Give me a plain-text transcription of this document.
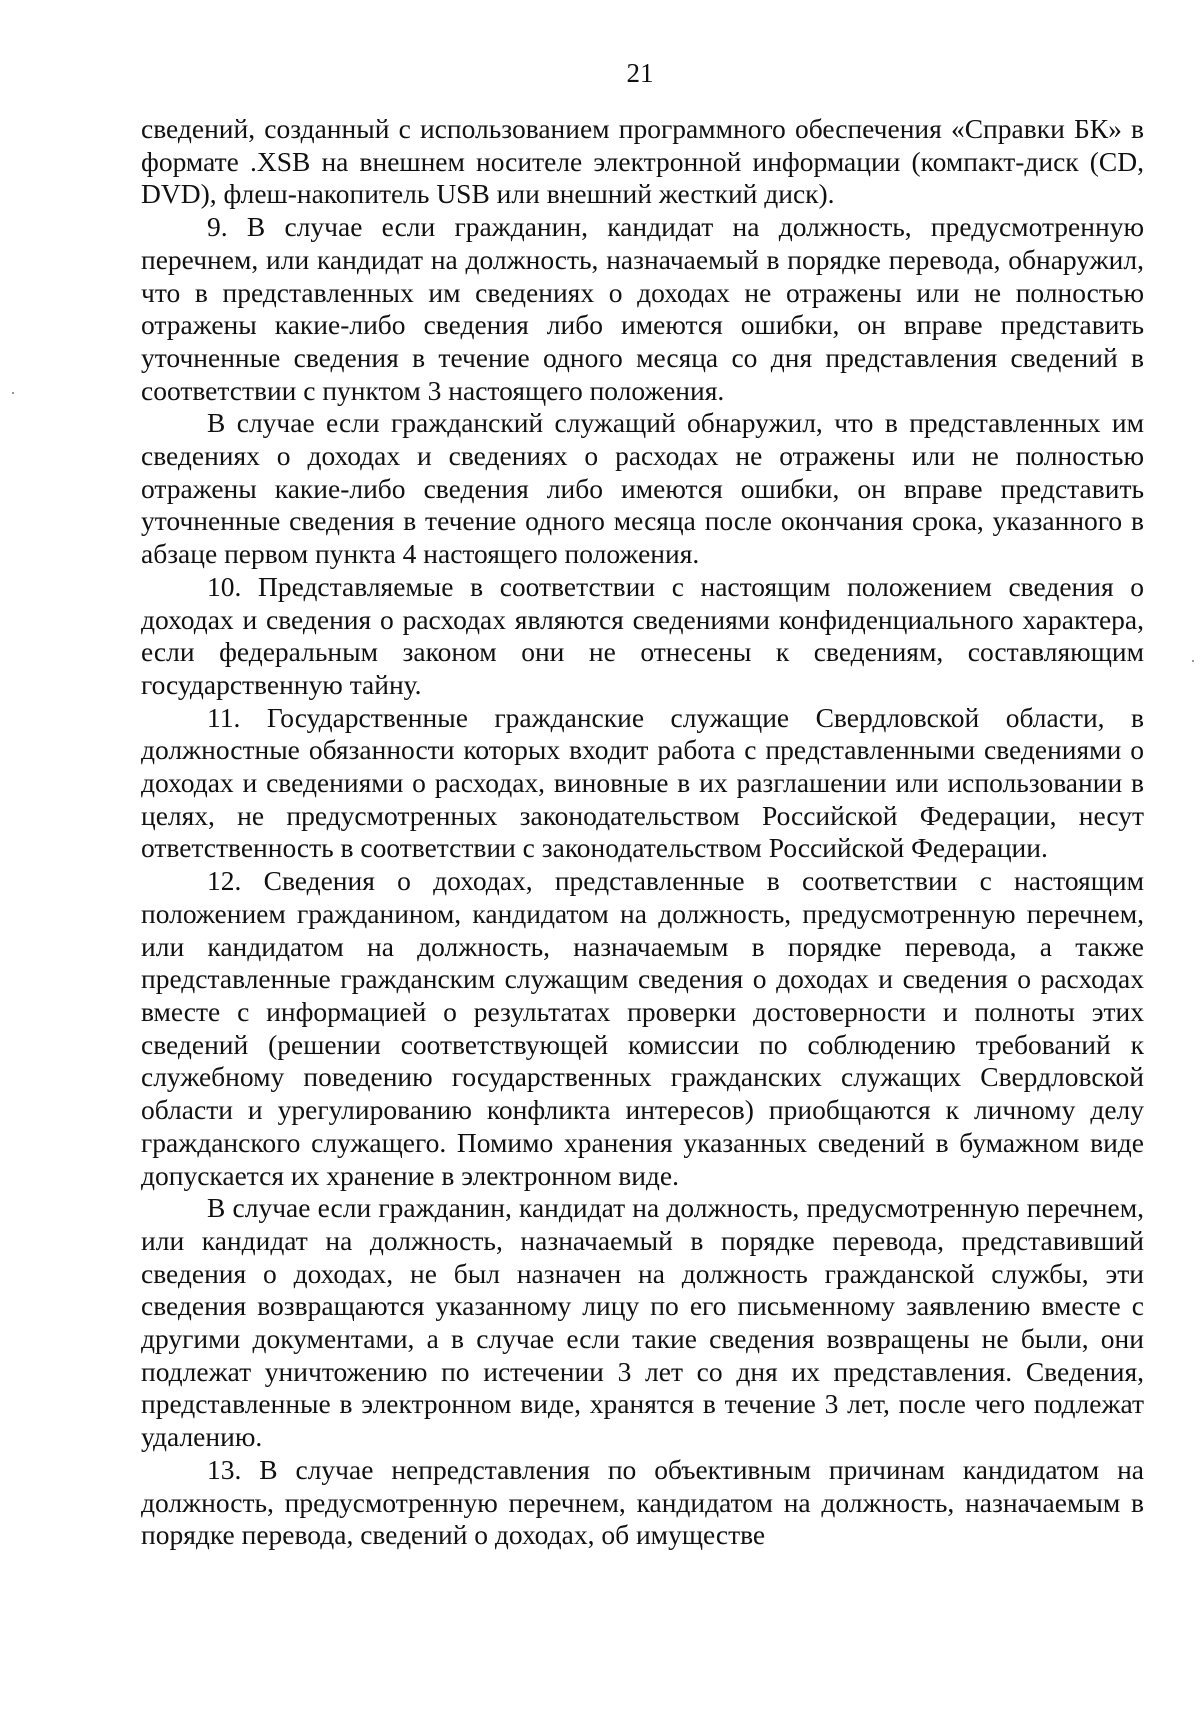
21

сведений, созданный с использованием программного обеспечения «Справки БК» в формате .XSB на внешнем носителе электронной информации (компакт-диск (CD, DVD), флеш-накопитель USB или внешний жесткий диск).

9. В случае если гражданин, кандидат на должность, предусмотренную перечнем, или кандидат на должность, назначаемый в порядке перевода, обнаружил, что в представленных им сведениях о доходах не отражены или не полностью отражены какие-либо сведения либо имеются ошибки, он вправе представить уточненные сведения в течение одного месяца со дня представления сведений в соответствии с пунктом 3 настоящего положения.

В случае если гражданский служащий обнаружил, что в представленных им сведениях о доходах и сведениях о расходах не отражены или не полностью отражены какие-либо сведения либо имеются ошибки, он вправе представить уточненные сведения в течение одного месяца после окончания срока, указанного в абзаце первом пункта 4 настоящего положения.

10. Представляемые в соответствии с настоящим положением сведения о доходах и сведения о расходах являются сведениями конфиденциального характера, если федеральным законом они не отнесены к сведениям, составляющим государственную тайну.

11. Государственные гражданские служащие Свердловской области, в должностные обязанности которых входит работа с представленными сведениями о доходах и сведениями о расходах, виновные в их разглашении или использовании в целях, не предусмотренных законодательством Российской Федерации, несут ответственность в соответствии с законодательством Российской Федерации.

12. Сведения о доходах, представленные в соответствии с настоящим положением гражданином, кандидатом на должность, предусмотренную перечнем, или кандидатом на должность, назначаемым в порядке перевода, а также представленные гражданским служащим сведения о доходах и сведения о расходах вместе с информацией о результатах проверки достоверности и полноты этих сведений (решении соответствующей комиссии по соблюдению требований к служебному поведению государственных гражданских служащих Свердловской области и урегулированию конфликта интересов) приобщаются к личному делу гражданского служащего. Помимо хранения указанных сведений в бумажном виде допускается их хранение в электронном виде.

В случае если гражданин, кандидат на должность, предусмотренную перечнем, или кандидат на должность, назначаемый в порядке перевода, представивший сведения о доходах, не был назначен на должность гражданской службы, эти сведения возвращаются указанному лицу по его письменному заявлению вместе с другими документами, а в случае если такие сведения возвращены не были, они подлежат уничтожению по истечении 3 лет со дня их представления. Сведения, представленные в электронном виде, хранятся в течение 3 лет, после чего подлежат удалению.

13. В случае непредставления по объективным причинам кандидатом на должность, предусмотренную перечнем, кандидатом на должность, назначаемым в порядке перевода, сведений о доходах, об имуществе
